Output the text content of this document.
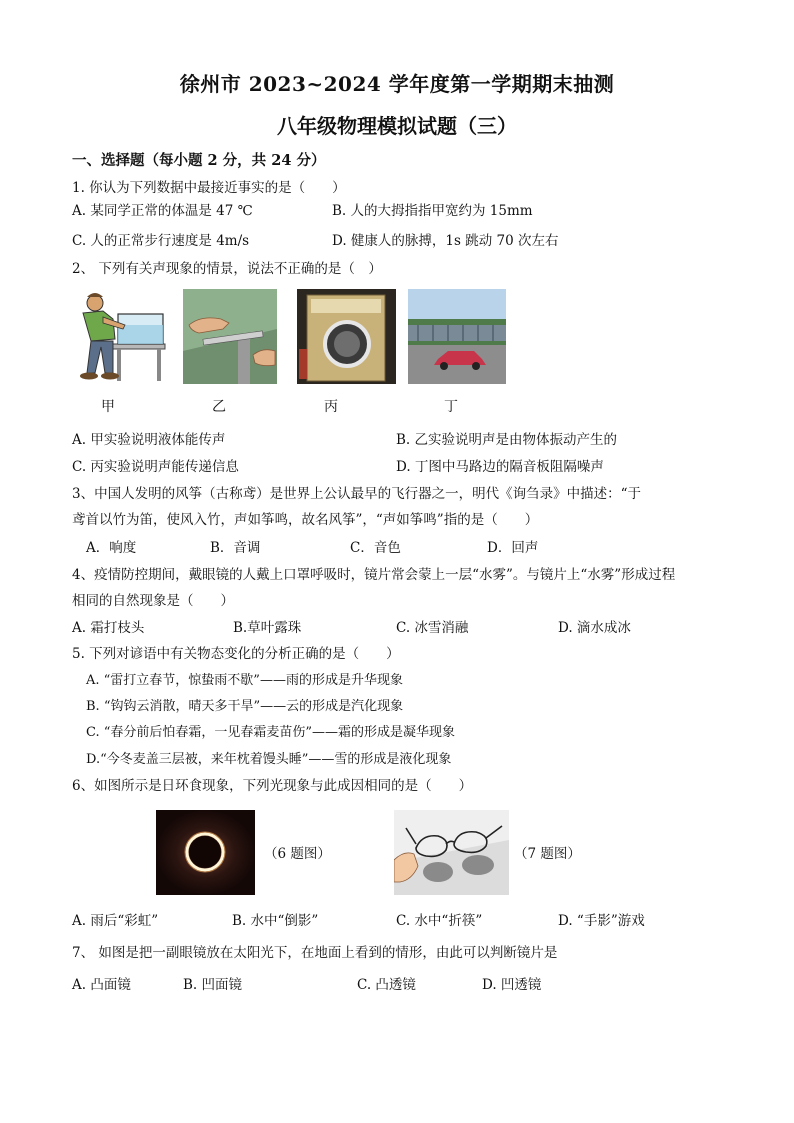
徐州市 2023~2024 学年度第一学期期末抽测
八年级物理模拟试题（三）
一、选择题（每小题 2 分，共 24 分）
1. 你认为下列数据中最接近事实的是（　　）
A. 某同学正常的体温是 47 ℃	B. 人的大拇指指甲宽约为 15mm
C. 人的正常步行速度是 4m/s	D. 健康人的脉搏，1s 跳动 70 次左右
2、 下列有关声现象的情景，说法不正确的是（　）
甲	乙	丙	丁
A. 甲实验说明液体能传声	B. 乙实验说明声是由物体振动产生的
C. 丙实验说明声能传递信息	D. 丁图中马路边的隔音板阻隔噪声
3、中国人发明的风筝（古称鸢）是世界上公认最早的飞行器之一，明代《询刍录》中描述：“于
鸢首以竹为笛，使风入竹，声如筝鸣，故名风筝”，“声如筝鸣”指的是（　　）
A．响度	B．音调	C．音色	D．回声
4、疫情防控期间，戴眼镜的人戴上口罩呼吸时，镜片常会蒙上一层“水雾”。与镜片上“水雾”形成过程
相同的自然现象是（　　）
A. 霜打枝头	B.草叶露珠	C. 冰雪消融	D. 滴水成冰
5. 下列对谚语中有关物态变化的分析正确的是（　　）
A. “雷打立春节，惊蛰雨不歇”——雨的形成是升华现象
B. “钩钩云消散，晴天多干旱”——云的形成是汽化现象
C. “春分前后怕春霜，一见春霜麦苗伤”——霜的形成是凝华现象
D.“今冬麦盖三层被，来年枕着馒头睡”——雪的形成是液化现象
6、如图所示是日环食现象，下列光现象与此成因相同的是（　　）
（6 题图）	（7 题图）
A. 雨后“彩虹”	B. 水中“倒影”	C. 水中“折筷”	D. “手影”游戏
7、 如图是把一副眼镜放在太阳光下，在地面上看到的情形，由此可以判断镜片是
A. 凸面镜	B. 凹面镜	C. 凸透镜	D. 凹透镜
